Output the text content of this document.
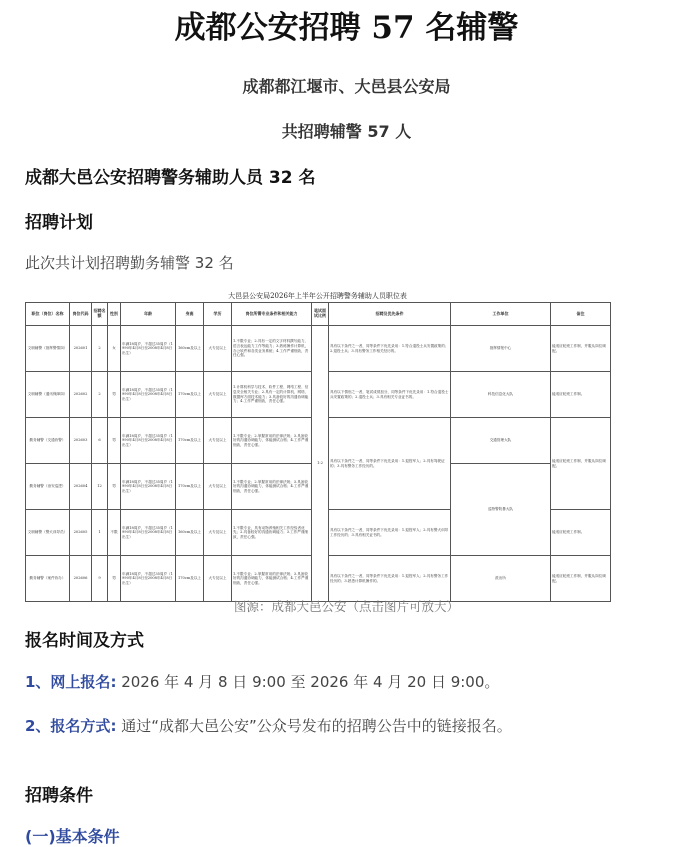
成都公安招聘 57 名辅警
成都都江堰市、大邑县公安局
共招聘辅警 57 人
成都大邑公安招聘警务辅助人员 32 名
招聘计划
此次共计划招聘勤务辅警 32 名
大邑县公安局2026年上半年公开招聘警务辅助人员职位表
职位（岗位）名称	岗位代码	招聘名额	性别	年龄	身高	学历	岗位所需专业条件和相关能力	笔试面试比例	招聘及优先条件	工作单位	备注
文职辅警（指挥警情岗）	202601	2	女	年满18周岁，不超过35周岁（1990年4月8日至2008年4月8日出生）	160cm及以上	大专及以上	1.不限专业；2.具有一定的文字材料撰写能力，语言表达能力工作等能力；3.熟练操作计算机，办公软件和各类业务系统；4.工作严谨细致，责任心强。	1:2	具有以下条件之一者，同等条件下优先录用：1.符合退役士兵安置政策的；2.退役士兵；3.具有警务工作相关经历的。	指挥情报中心	能适应轮班工作制，并服从岗位调配。
文职辅警（通讯保障岗）	202602	2	男	年满18周岁，不超过35周岁（1990年4月8日至2008年4月8日出生）	170cm及以上	大专及以上	1.计算机科学与技术、软件工程、网络工程、信息安全相关专业；2.具有一定的计算机、网络、数据库方面技术能力；3.具备较好的沟通协调能力；4.工作严谨细致，责任心强。		具有以下情形之一者，笔试成绩加分，同等条件下优先录用：1.符合退役士兵安置政策的；2.退役士兵；3.具有相关专业证书的。	科技信息化大队	能适应轮班工作制。
勤务辅警（交通协警）	202603	6	男	年满18周岁，不超过35周岁（1990年4月8日至2008年4月8日出生）	170cm及以上	大专及以上	1.不限专业；2.掌握常用的法律法规；3.具备较好的沟通协调能力，体能测试合格；4.工作严谨细致，责任心强。		具有以下条件之一者，同等条件下优先录用：1.退役军人；2.具有驾驶证的；3.具有警务工作经历的。	交通管理大队	能适应轮班工作制，并服从岗位调配。
勤务辅警（治安巡逻）	202604	12	男	年满18周岁，不超过35周岁（1990年4月8日至2008年4月8日出生）	170cm及以上	大专及以上	1.不限专业；2.掌握常用的法律法规；3.具备较好的沟通协调能力，体能测试合格；4.工作严谨细致，责任心强。			巡特警防暴大队	
文职辅警（警犬训导员）	202605	1	不限	年满18周岁，不超过35周岁（1990年4月8日至2008年4月8日出生）	160cm及以上	大专及以上	1.不限专业，具有动物养殖相关工作经验者优先；2.具备较好的沟通协调能力；3.工作严谨细致，责任心强。		具有以下条件之一者，同等条件下优先录用：1.退役军人；2.具有警犬训导工作经历的；3.具有相关证书的。		能适应轮班工作制。
勤务辅警（案件协办）	202606	9	男	年满18周岁，不超过35周岁（1990年4月8日至2008年4月8日出生）	170cm及以上	大专及以上	1.不限专业；2.掌握常用的法律法规；3.具备较好的沟通协调能力，体能测试合格；4.工作严谨细致，责任心强。		具有以下条件之一者，同等条件下优先录用：1.退役军人；2.具有警务工作经历的；3.熟悉计算机操作的。	派出所	能适应轮班工作制，并服从岗位调配。
图源：成都大邑公安（点击图片可放大）
报名时间及方式
1、网上报名: 2026 年 4 月 8 日 9:00 至 2026 年 4 月 20 日 9:00。
2、报名方式: 通过“成都大邑公安”公众号发布的招聘公告中的链接报名。
招聘条件
(一)基本条件
